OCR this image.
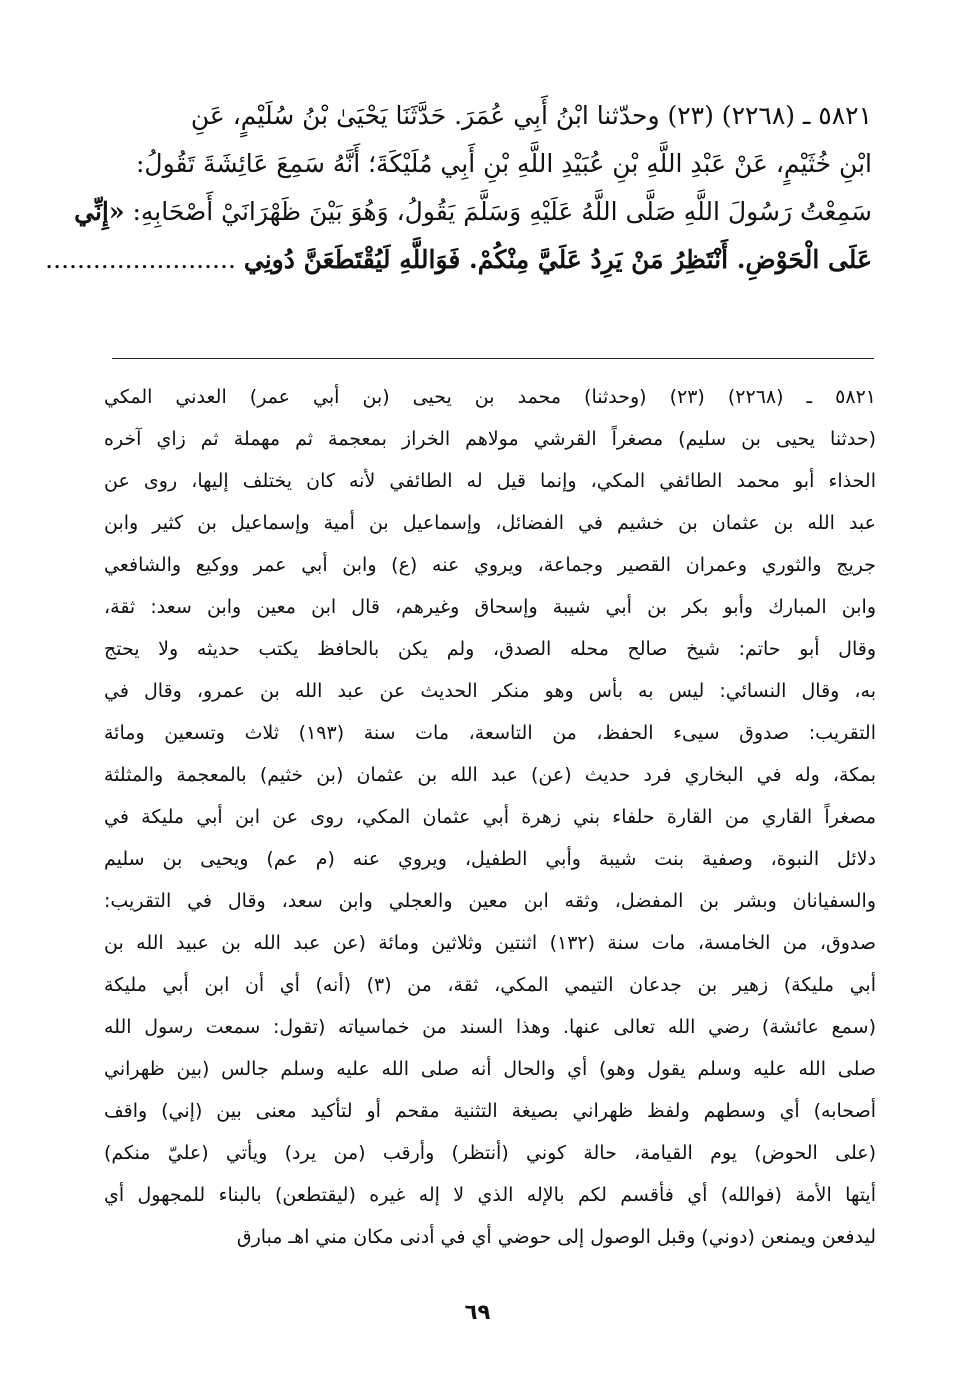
٥٨٢١ ـ (٢٢٦٨) (٢٣) وحدّثنا ابْنُ أَبِي عُمَرَ. حَدَّثَنَا يَحْيَىٰ بْنُ سُلَيْمٍ، عَنِ
ابْنِ خُثَيْمٍ، عَنْ عَبْدِ اللَّهِ بْنِ عُبَيْدِ اللَّهِ بْنِ أَبِي مُلَيْكَةَ؛ أَنَّهُ سَمِعَ عَائِشَةَ تَقُولُ:
سَمِعْتُ رَسُولَ اللَّهِ صَلَّى اللَّهُ عَلَيْهِ وَسَلَّمَ يَقُولُ، وَهُوَ بَيْنَ ظَهْرَانَيْ أَصْحَابِهِ: «إِنِّي
عَلَى الْحَوْضِ. أَنْتَظِرُ مَنْ يَرِدُ عَلَيَّ مِنْكُمْ. فَوَاللَّهِ لَيُقْتَطَعَنَّ دُونِي ........................
٥٨٢١ ـ (٢٢٦٨) (٢٣) (وحدثنا) محمد بن يحيى (بن أبي عمر) العدني المكي
(حدثنا يحيى بن سليم) مصغراً القرشي مولاهم الخراز بمعجمة ثم مهملة ثم زاي آخره
الحذاء أبو محمد الطائفي المكي، وإنما قيل له الطائفي لأنه كان يختلف إليها، روى عن
عبد الله بن عثمان بن خشيم في الفضائل، وإسماعيل بن أمية وإسماعيل بن كثير وابن
جريج والثوري وعمران القصير وجماعة، ويروي عنه (ع) وابن أبي عمر ووكيع والشافعي
وابن المبارك وأبو بكر بن أبي شيبة وإسحاق وغيرهم، قال ابن معين وابن سعد: ثقة،
وقال أبو حاتم: شيخ صالح محله الصدق، ولم يكن بالحافظ يكتب حديثه ولا يحتج
به، وقال النسائي: ليس به بأس وهو منكر الحديث عن عبد الله بن عمرو، وقال في
التقريب: صدوق سيىء الحفظ، من التاسعة، مات سنة (١٩٣) ثلاث وتسعين ومائة
بمكة، وله في البخاري فرد حديث (عن) عبد الله بن عثمان (بن خثيم) بالمعجمة والمثلثة
مصغراً القاري من القارة حلفاء بني زهرة أبي عثمان المكي، روى عن ابن أبي مليكة في
دلائل النبوة، وصفية بنت شيبة وأبي الطفيل، ويروي عنه (م عم) ويحيى بن سليم
والسفيانان وبشر بن المفضل، وثقه ابن معين والعجلي وابن سعد، وقال في التقريب:
صدوق، من الخامسة، مات سنة (١٣٢) اثنتين وثلاثين ومائة (عن عبد الله بن عبيد الله بن
أبي مليكة) زهير بن جدعان التيمي المكي، ثقة، من (٣) (أنه) أي أن ابن أبي مليكة
(سمع عائشة) رضي الله تعالى عنها. وهذا السند من خماسياته (تقول: سمعت رسول الله
صلى الله عليه وسلم يقول وهو) أي والحال أنه صلى الله عليه وسلم جالس (بين ظهراني
أصحابه) أي وسطهم ولفظ ظهراني بصيغة التثنية مقحم أو لتأكيد معنى بين (إني) واقف
(على الحوض) يوم القيامة، حالة كوني (أنتظر) وأرقب (من يرد) ويأتي (عليّ منكم)
أيتها الأمة (فوالله) أي فأقسم لكم بالإله الذي لا إله غيره (ليقتطعن) بالبناء للمجهول أي
ليدفعن ويمنعن (دوني) وقبل الوصول إلى حوضي أي في أدنى مكان مني اهـ مبارق
٦٩
